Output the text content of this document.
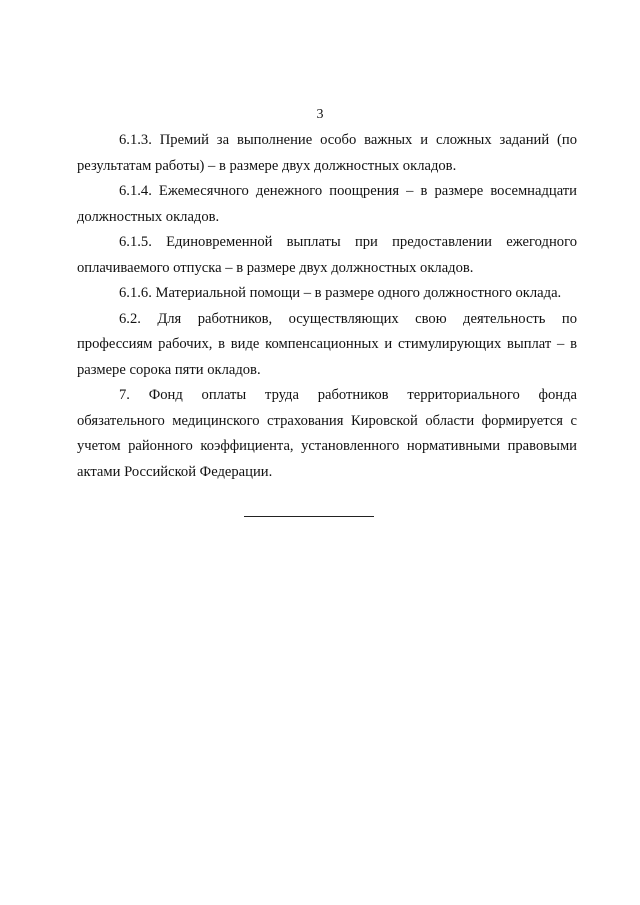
3

6.1.3. Премий за выполнение особо важных и сложных заданий (по результатам работы) – в размере двух должностных окладов.

6.1.4. Ежемесячного денежного поощрения – в размере восемнадцати должностных окладов.

6.1.5. Единовременной выплаты при предоставлении ежегодного оплачиваемого отпуска – в размере двух должностных окладов.

6.1.6. Материальной помощи – в размере одного должностного оклада.

6.2. Для работников, осуществляющих свою деятельность по профессиям рабочих, в виде компенсационных и стимулирующих выплат – в размере сорока пяти окладов.

7. Фонд оплаты труда работников территориального фонда обязательного медицинского страхования Кировской области формируется с учетом районного коэффициента, установленного нормативными правовыми актами Российской Федерации.
